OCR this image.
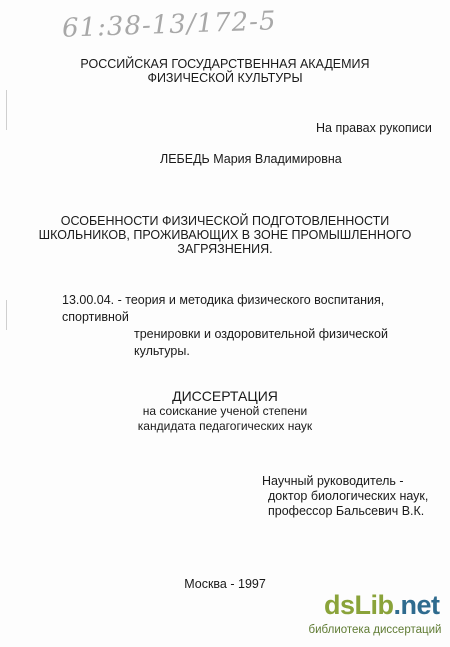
61:38-13/172-5
РОССИЙСКАЯ ГОСУДАРСТВЕННАЯ АКАДЕМИЯ
ФИЗИЧЕСКОЙ КУЛЬТУРЫ
На правах рукописи
ЛЕБЕДЬ Мария Владимировна
ОСОБЕННОСТИ ФИЗИЧЕСКОЙ ПОДГОТОВЛЕННОСТИ
ШКОЛЬНИКОВ, ПРОЖИВАЮЩИХ В ЗОНЕ ПРОМЫШЛЕННОГО
ЗАГРЯЗНЕНИЯ.
13.00.04. - теория и методика физического воспитания, спортивной
тренировки и оздоровительной физической культуры.
ДИССЕРТАЦИЯ
на соискание ученой степени
кандидата педагогических наук
Научный руководитель -
доктор биологических наук,
профессор Бальсевич В.К.
Москва - 1997
dsLib.net
библиотека диссертаций
